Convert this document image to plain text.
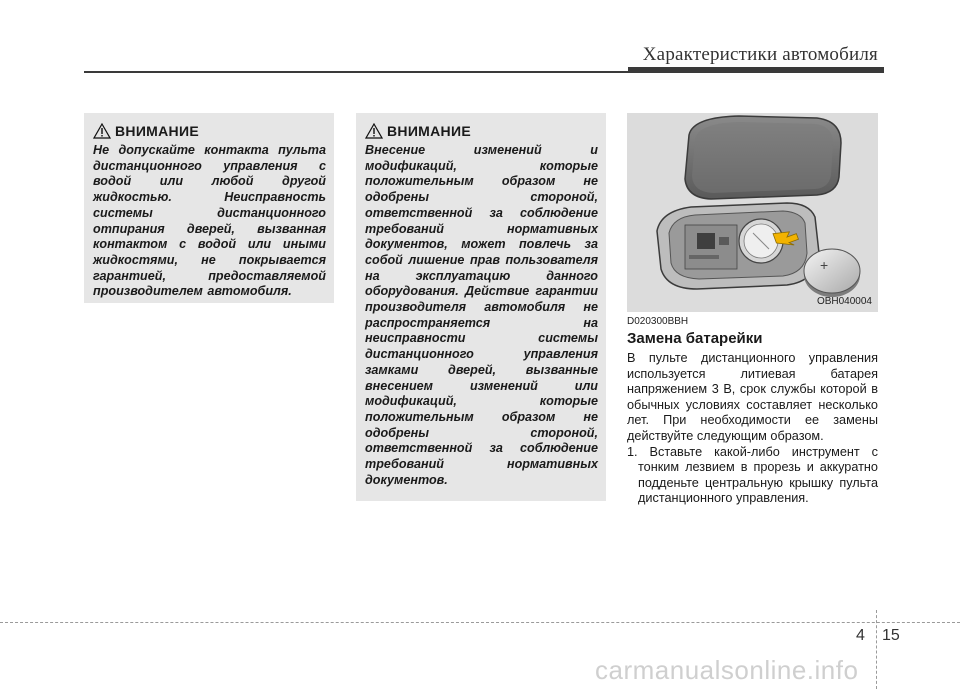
Характеристики автомобиля
ВНИМАНИЕ
Не допускайте контакта пульта дистанционного управления с водой или любой другой жидкостью. Неисправность системы дистанционного отпирания дверей, вызванная контактом с водой или иными жидкостями, не покрывается гарантией, предоставляемой производителем автомобиля.
ВНИМАНИЕ
Внесение изменений и модификаций, которые положительным образом не одобрены стороной, ответственной за соблюдение требований нормативных документов, может повлечь за собой лишение прав пользователя на эксплуатацию данного оборудования. Действие гарантии производителя автомобиля не распространяется на неисправности системы дистанционного управления замками дверей, вызванные внесением изменений или модификаций, которые положительным образом не одобрены стороной, ответственной за соблюдение требований нормативных документов.
+
OBH040004
D020300BBH
Замена батарейки

В пульте дистанционного управления используется литиевая батарея напряжением 3 В, срок службы которой в обычных условиях составляет несколько лет. При необходимости ее замены действуйте следующим образом.

1. Вставьте какой-либо инструмент с тонким лезвием в прорезь и аккуратно подденьте центральную крышку пульта дистанционного управления.

4 15
carmanualsonline.info
